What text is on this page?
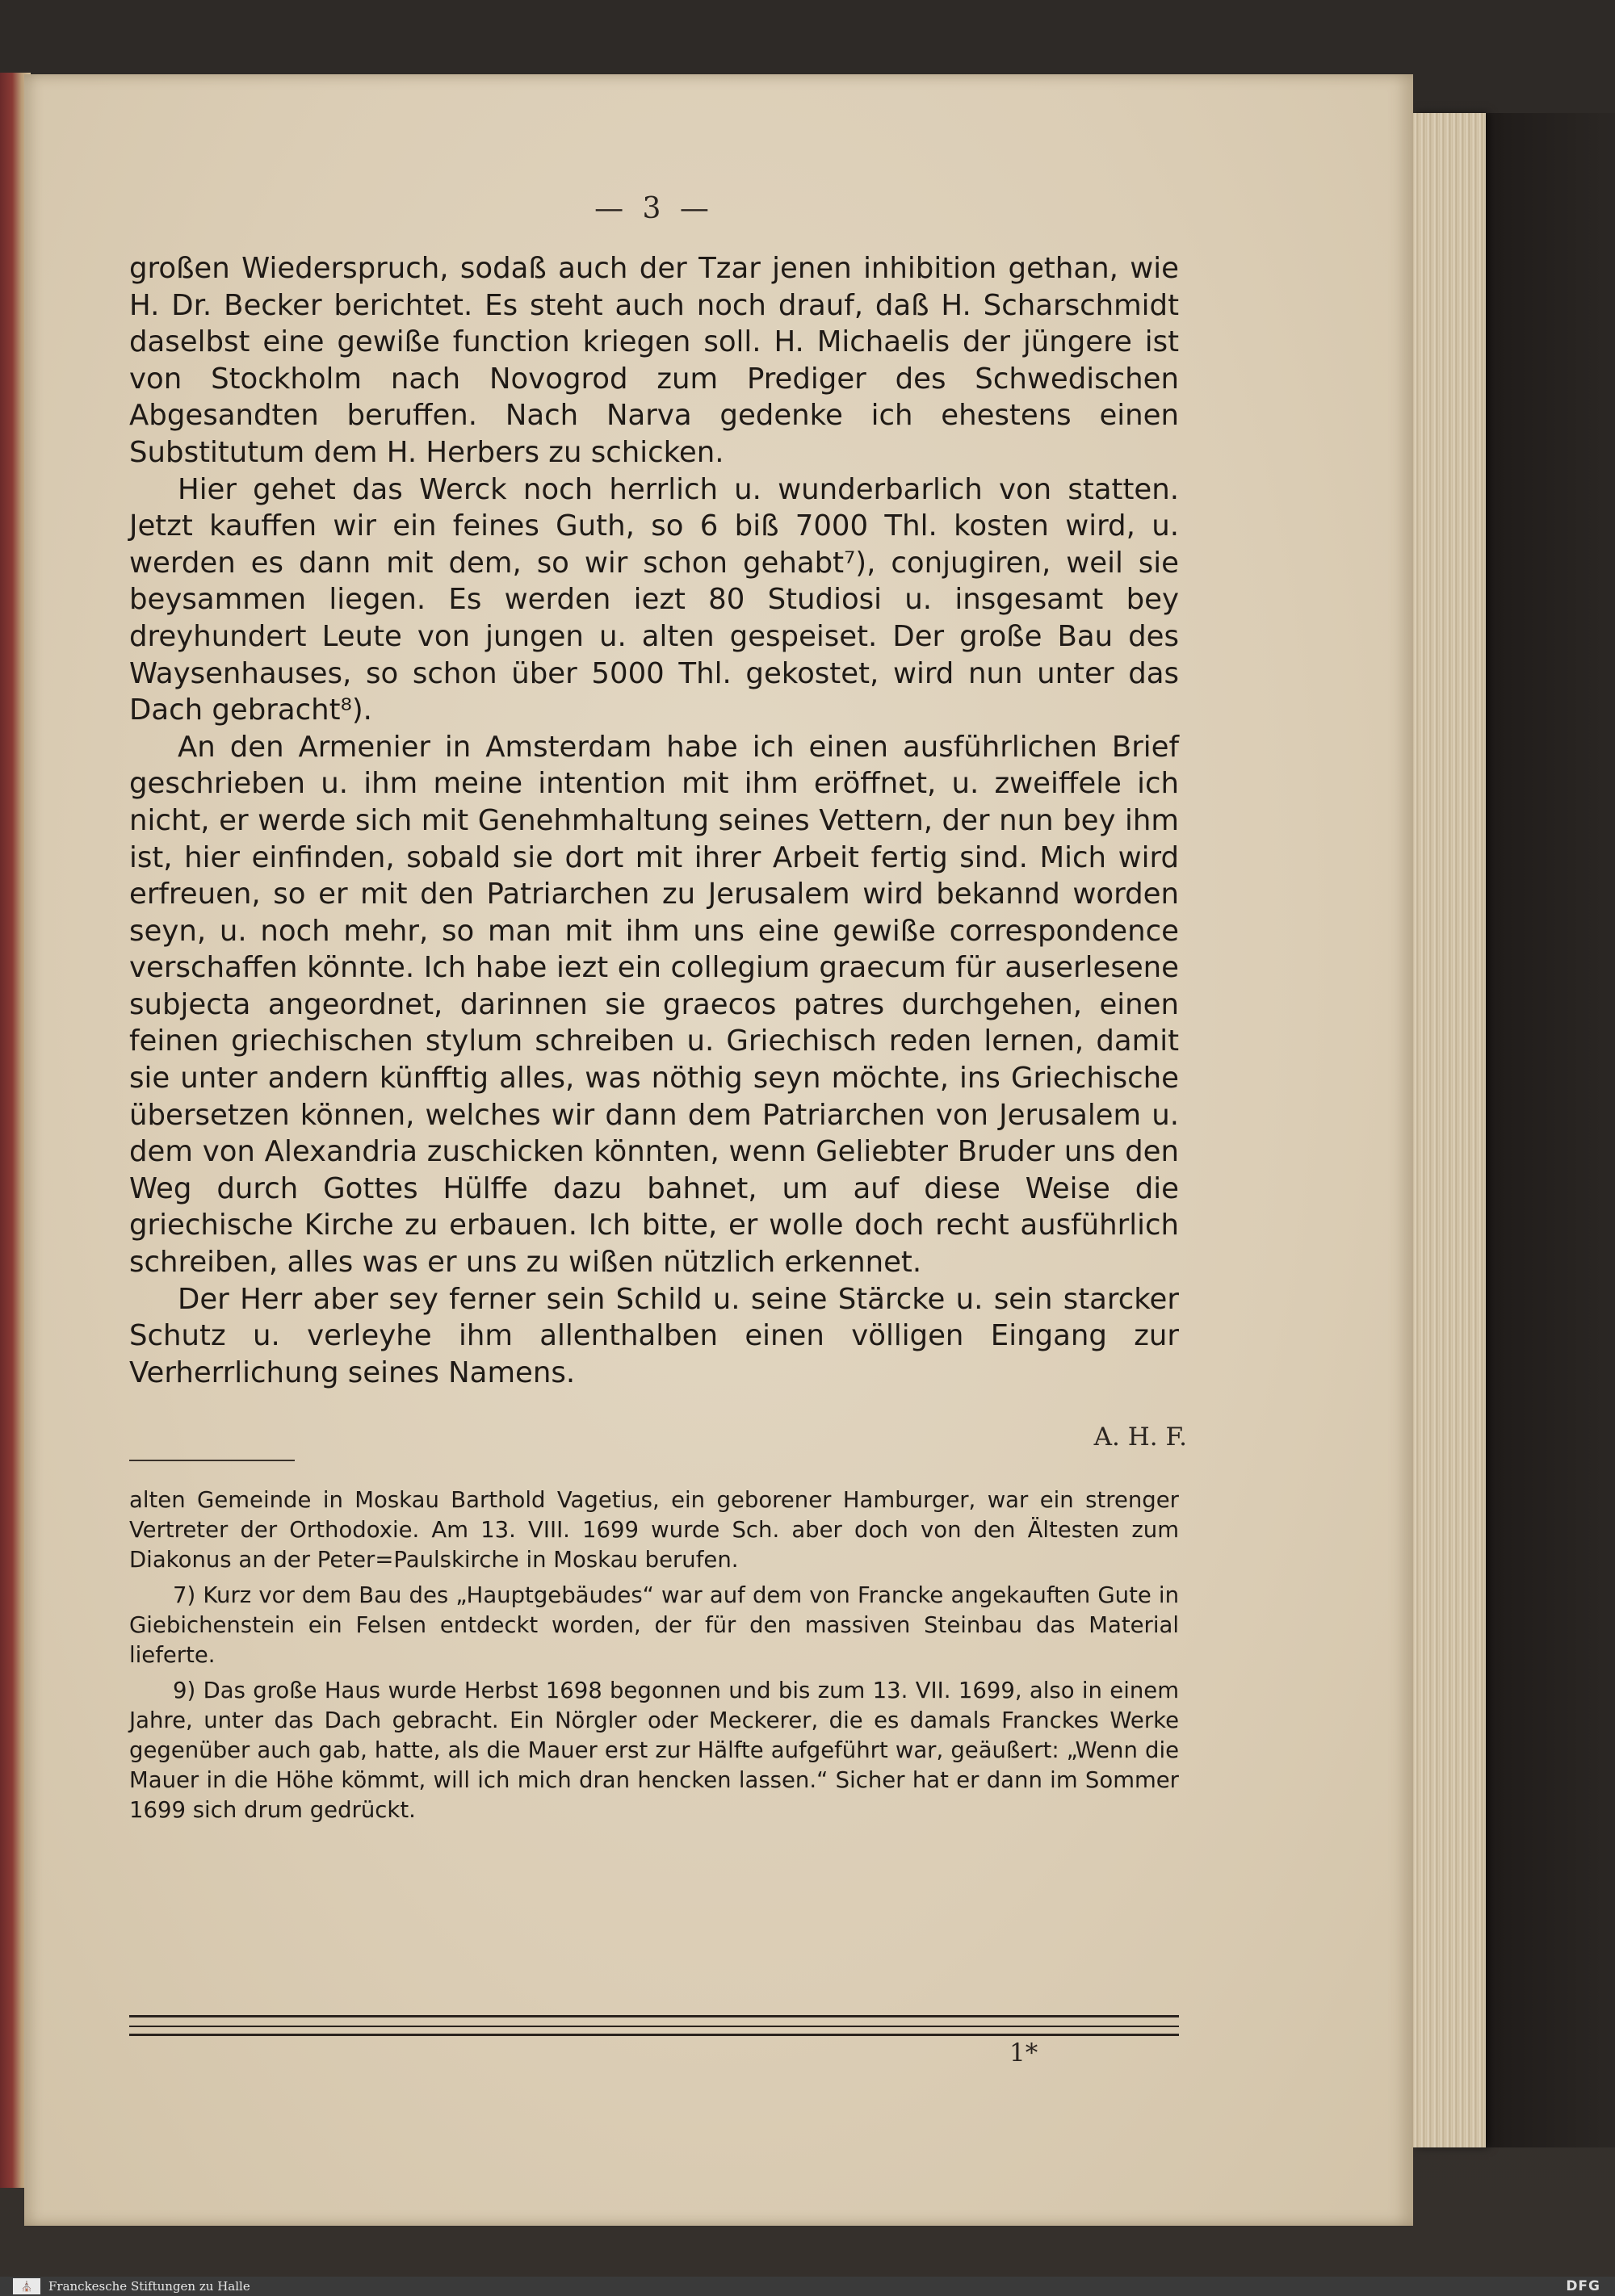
— 3 —

großen Wiederspruch, sodaß auch der Tzar jenen inhibition gethan, wie H. Dr. Becker berichtet. Es steht auch noch drauf, daß H. Scharschmidt daselbst eine gewiße function kriegen soll. H. Michaelis der jüngere ist von Stockholm nach Novogrod zum Prediger des Schwedischen Abgesandten beruffen. Nach Narva gedenke ich ehestens einen Substitutum dem H. Herbers zu schicken.

Hier gehet das Werck noch herrlich u. wunderbarlich von statten. Jetzt kauffen wir ein feines Guth, so 6 biß 7000 Thl. kosten wird, u. werden es dann mit dem, so wir schon gehabt⁷), conjugiren, weil sie beysammen liegen. Es werden iezt 80 Studiosi u. insgesamt bey dreyhundert Leute von jungen u. alten gespeiset. Der große Bau des Waysenhauses, so schon über 5000 Thl. gekostet, wird nun unter das Dach gebracht⁸).

An den Armenier in Amsterdam habe ich einen ausführlichen Brief geschrieben u. ihm meine intention mit ihm eröffnet, u. zweiffele ich nicht, er werde sich mit Genehmhaltung seines Vettern, der nun bey ihm ist, hier einfinden, sobald sie dort mit ihrer Arbeit fertig sind. Mich wird erfreuen, so er mit den Patriarchen zu Jerusalem wird bekannd worden seyn, u. noch mehr, so man mit ihm uns eine gewiße correspondence verschaffen könnte. Ich habe iezt ein collegium graecum für auserlesene subjecta angeordnet, darinnen sie graecos patres durchgehen, einen feinen griechischen stylum schreiben u. Griechisch reden lernen, damit sie unter andern künfftig alles, was nöthig seyn möchte, ins Griechische übersetzen können, welches wir dann dem Patriarchen von Jerusalem u. dem von Alexandria zuschicken könnten, wenn Geliebter Bruder uns den Weg durch Gottes Hülffe dazu bahnet, um auf diese Weise die griechische Kirche zu erbauen. Ich bitte, er wolle doch recht ausführlich schreiben, alles was er uns zu wißen nützlich erkennet.

Der Herr aber sey ferner sein Schild u. seine Stärcke u. sein starcker Schutz u. verleyhe ihm allenthalben einen völligen Eingang zur Verherrlichung seines Namens.

A. H. F.

alten Gemeinde in Moskau Barthold Vagetius, ein geborener Hamburger, war ein strenger Vertreter der Orthodoxie. Am 13. VIII. 1699 wurde Sch. aber doch von den Ältesten zum Diakonus an der Peter=Paulskirche in Moskau berufen.

7) Kurz vor dem Bau des „Hauptgebäudes“ war auf dem von Francke angekauften Gute in Giebichenstein ein Felsen entdeckt worden, der für den massiven Steinbau das Material lieferte.

9) Das große Haus wurde Herbst 1698 begonnen und bis zum 13. VII. 1699, also in einem Jahre, unter das Dach gebracht. Ein Nörgler oder Meckerer, die es damals Franckes Werke gegenüber auch gab, hatte, als die Mauer erst zur Hälfte aufgeführt war, geäußert: „Wenn die Mauer in die Höhe kömmt, will ich mich dran hencken lassen.“ Sicher hat er dann im Sommer 1699 sich drum gedrückt.

1*
⛪	Franckesche Stiftungen zu Halle	DFG
